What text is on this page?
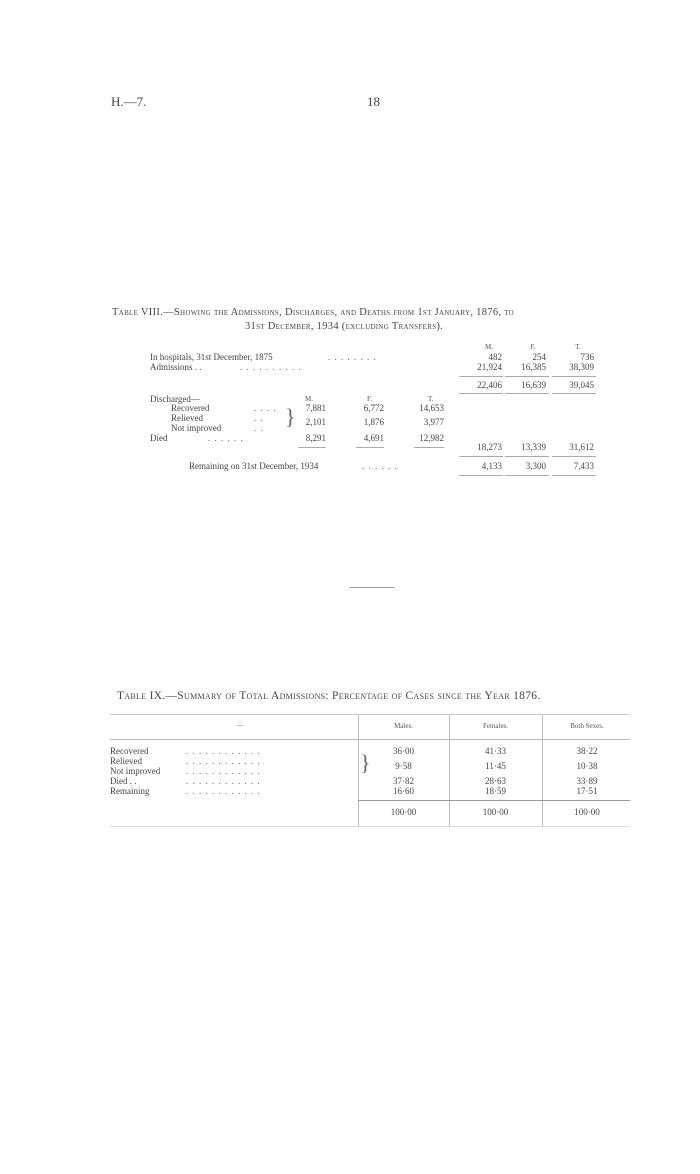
H.—7.	18
Table VIII.—Showing the Admissions, Discharges, and Deaths from 1st January, 1876, to
31st December, 1934 (excluding Transfers).
M.	F.	T.
In hospitals, 31st December, 1875	. . . . . . . .	482	254	736
Admissions . .	. . . . . . . . . .	21,924	16,385	38,309
22,406	16,639	39,045
Discharged—	M.	F.	T.
Recovered	. . . .	7,881	6,772	14,653
Relieved	. . }	2,101	1,876	3,977
Not improved	. .
Died	. . . . . .	8,291	4,691	12,982
18,273	13,339	31,612
Remaining on 31st December, 1934	. . . . . .	4,133	3,300	7,433
Table IX.—Summary of Total Admissions: Percentage of Cases since the Year 1876.
—	Males.	Females.	Both Sexes.
Recovered	. . . . . . . . . . . .	36·00	41·33	38·22
Relieved	. . . . . . . . . . . .	}	9·58	11·45	10·38
Not improved	. . . . . . . . . . . .
Died . .	. . . . . . . . . . . .	37·82	28·63	33·89
Remaining	. . . . . . . . . . . .	16·60	18·59	17·51
100·00	100·00	100·00
